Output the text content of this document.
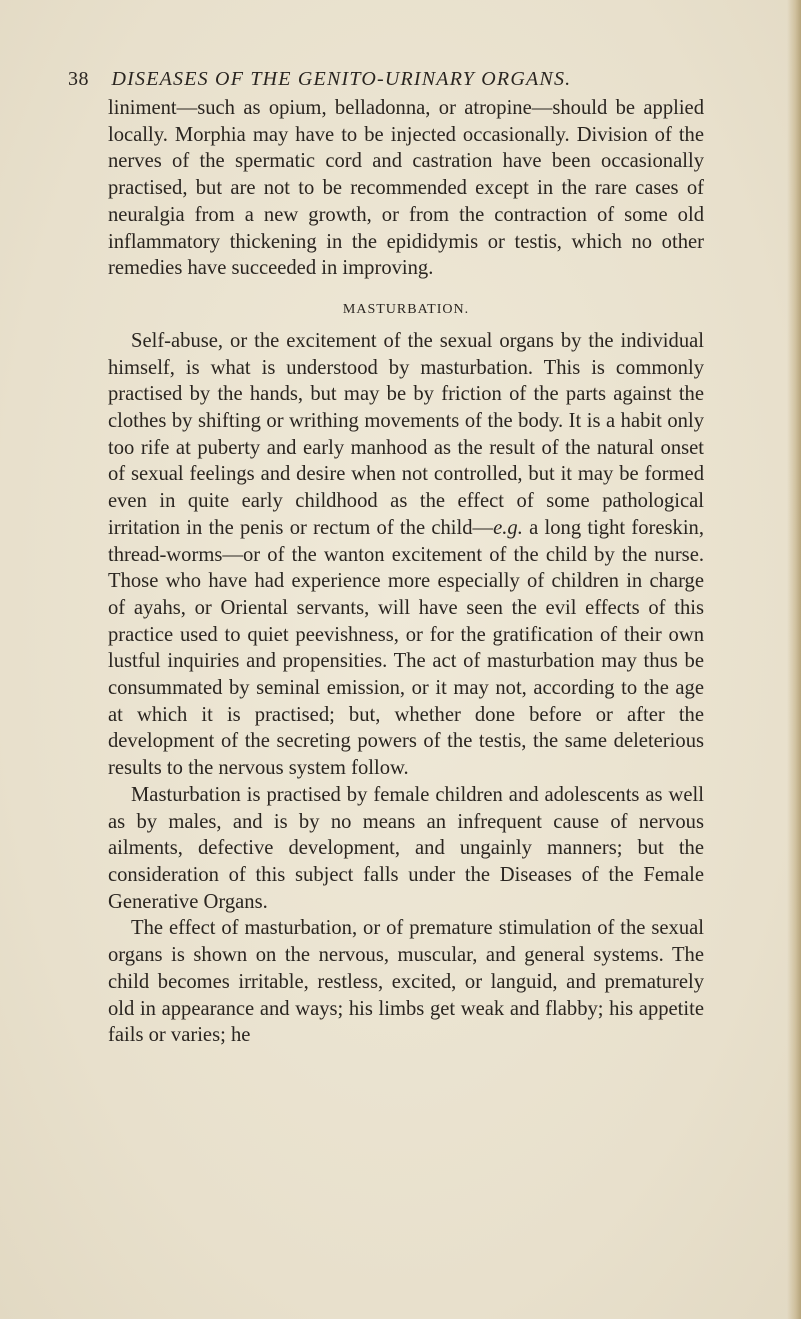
38 DISEASES OF THE GENITO-URINARY ORGANS.

liniment—such as opium, belladonna, or atropine—should be applied locally. Morphia may have to be injected occasionally. Division of the nerves of the spermatic cord and castration have been occasionally practised, but are not to be recommended except in the rare cases of neuralgia from a new growth, or from the contraction of some old inflammatory thickening in the epididymis or testis, which no other remedies have succeeded in improving.

MASTURBATION.

Self-abuse, or the excitement of the sexual organs by the individual himself, is what is understood by masturbation. This is commonly practised by the hands, but may be by friction of the parts against the clothes by shifting or writhing movements of the body. It is a habit only too rife at puberty and early manhood as the result of the natural onset of sexual feelings and desire when not controlled, but it may be formed even in quite early childhood as the effect of some pathological irritation in the penis or rectum of the child—e.g. a long tight foreskin, thread-worms—or of the wanton excitement of the child by the nurse. Those who have had experience more especially of children in charge of ayahs, or Oriental servants, will have seen the evil effects of this practice used to quiet peevishness, or for the gratification of their own lustful inquiries and propensities. The act of masturbation may thus be consummated by seminal emission, or it may not, according to the age at which it is practised; but, whether done before or after the development of the secreting powers of the testis, the same deleterious results to the nervous system follow.

Masturbation is practised by female children and adolescents as well as by males, and is by no means an infrequent cause of nervous ailments, defective development, and ungainly manners; but the consideration of this subject falls under the Diseases of the Female Generative Organs.

The effect of masturbation, or of premature stimulation of the sexual organs is shown on the nervous, muscular, and general systems. The child becomes irritable, restless, excited, or languid, and prematurely old in appearance and ways; his limbs get weak and flabby; his appetite fails or varies; he
